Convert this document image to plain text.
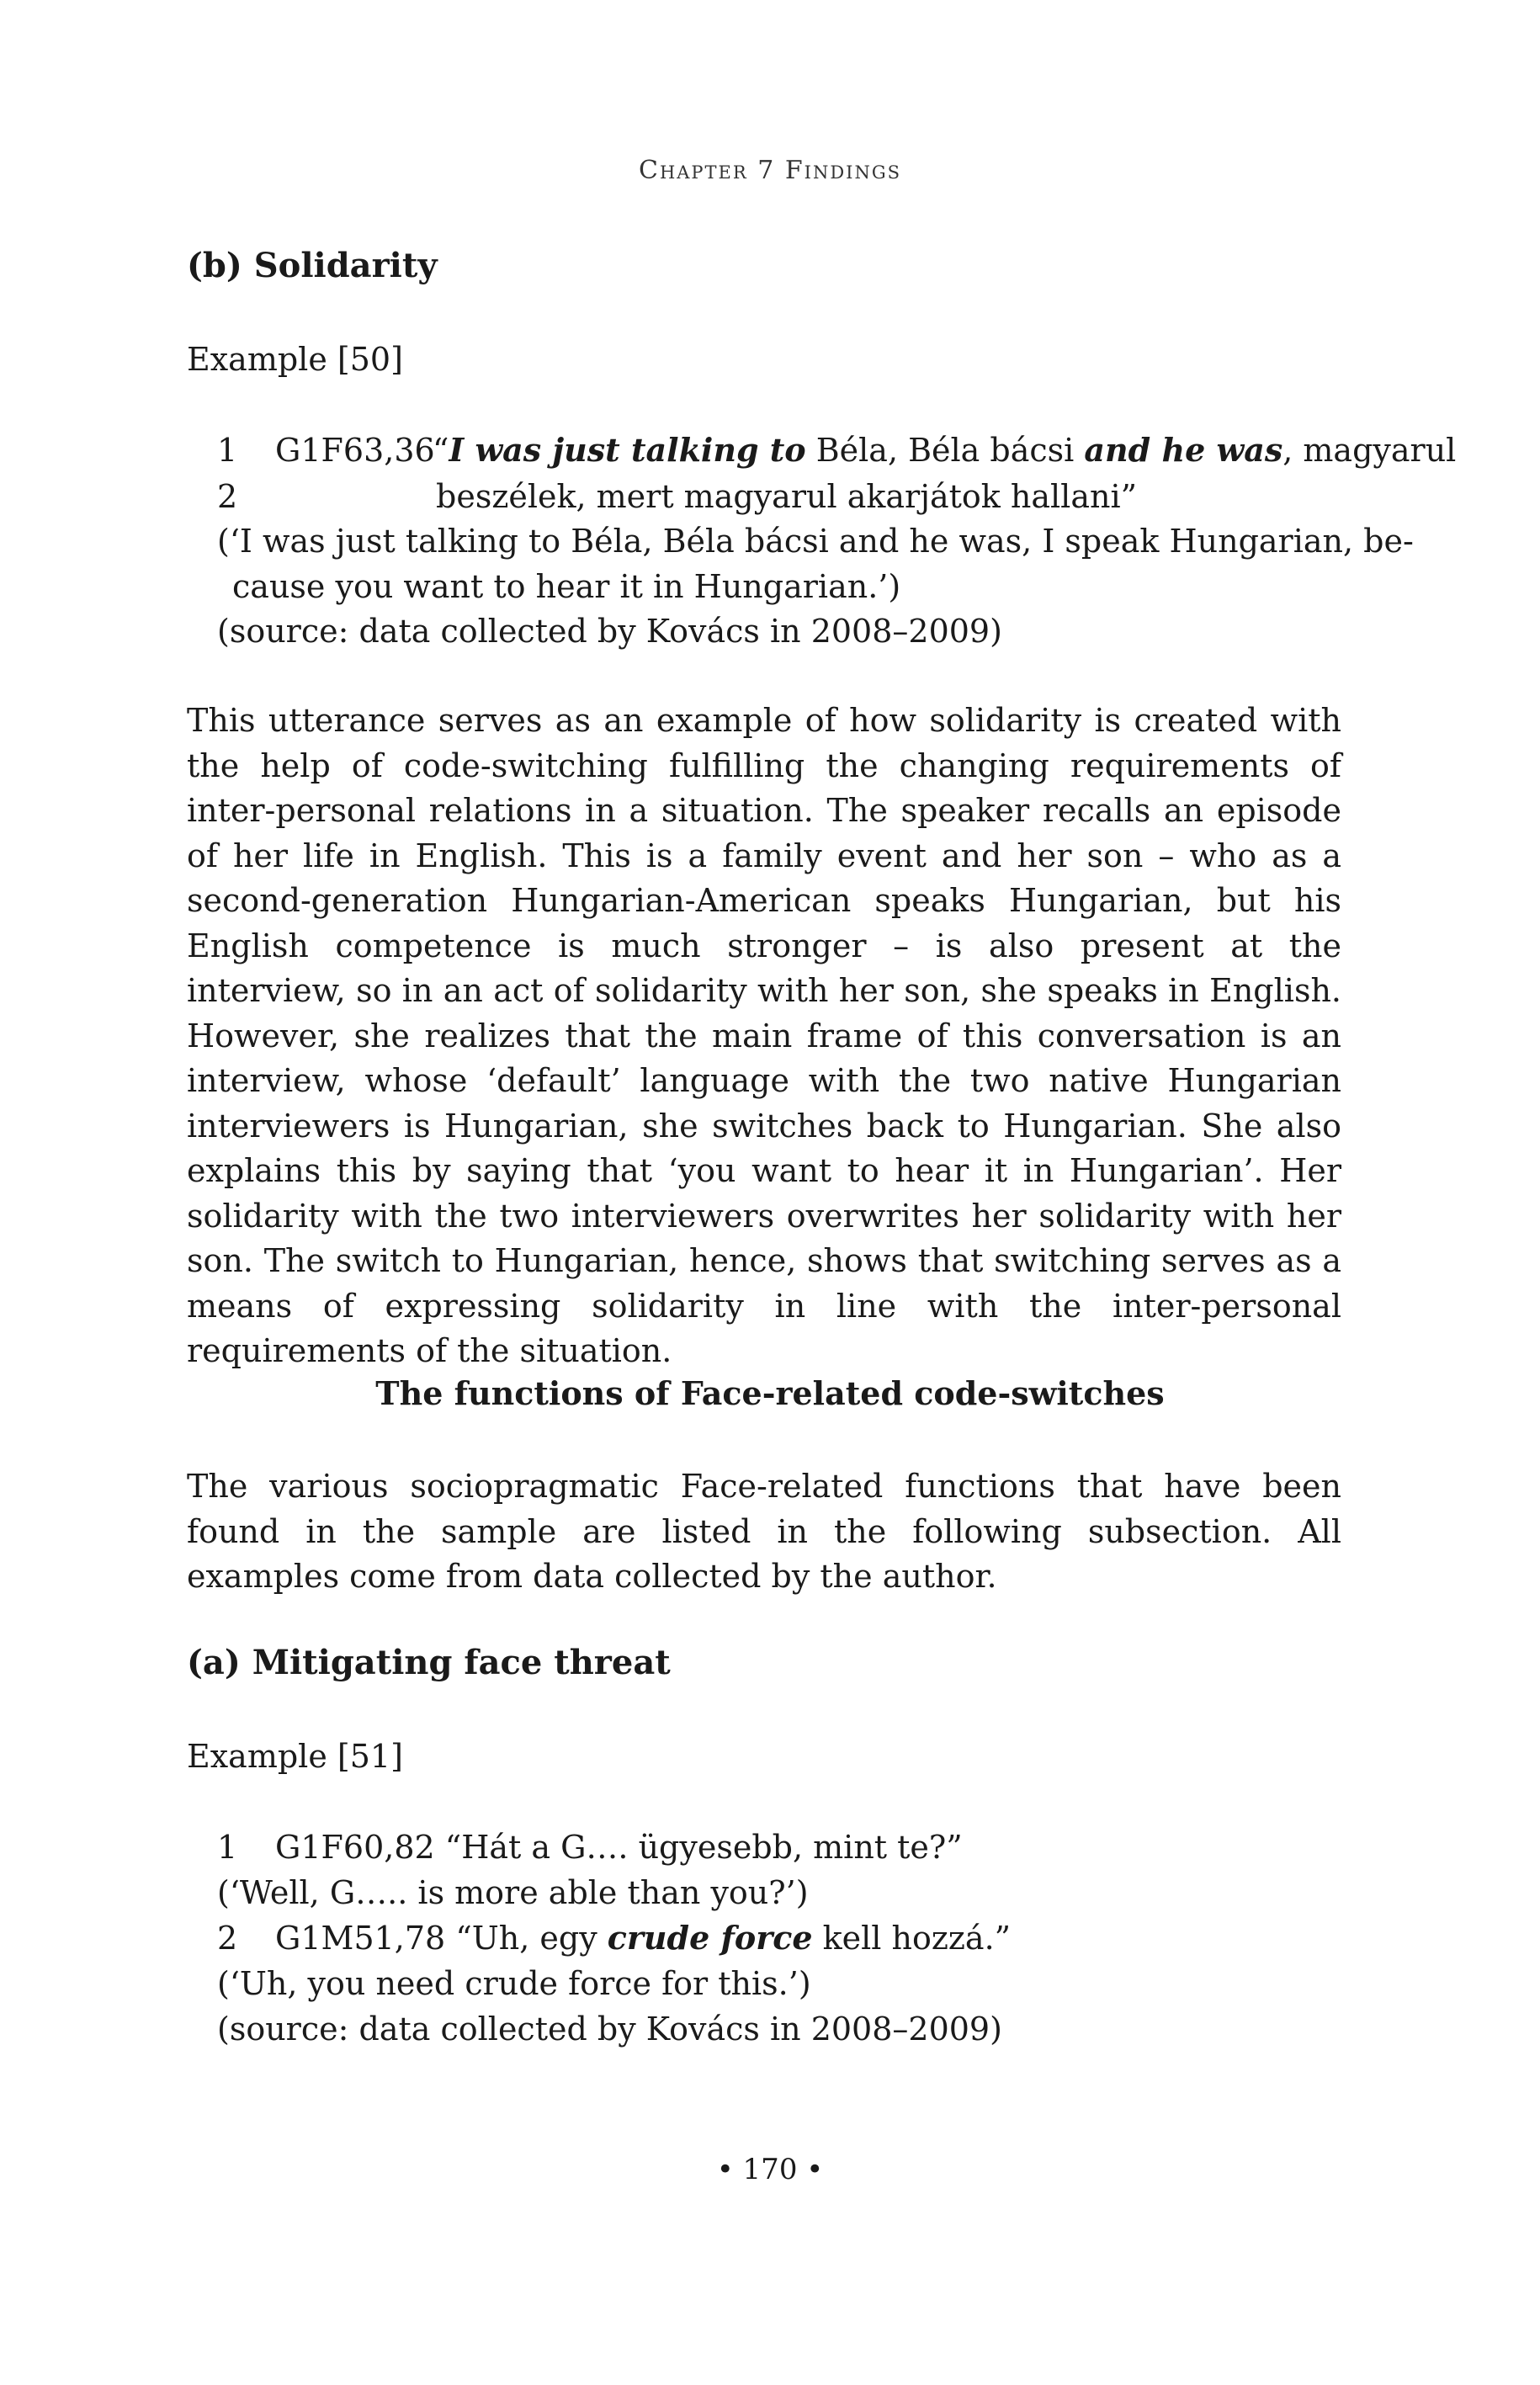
Chapter 7 Findings
(b) Solidarity
Example [50]
1 G1F63,36
“I was just talking to Béla, Béla bácsi and he was, magyarul
2	beszélek, mert magyarul akarjátok hallani”
(‘I was just talking to Béla, Béla bácsi and he was, I speak Hungarian, be-
cause you want to hear it in Hungarian.’)
(source: data collected by Kovács in 2008–2009)

This utterance serves as an example of how solidarity is created with the help of code-switching fulfilling the changing requirements of inter-personal relations in a situation. The speaker recalls an episode of her life in English. This is a family event and her son – who as a second-generation Hungarian-American speaks Hungarian, but his English competence is much stronger – is also present at the interview, so in an act of solidarity with her son, she speaks in English. However, she realizes that the main frame of this conversation is an interview, whose ‘default’ language with the two native Hungarian interviewers is Hungarian, she switches back to Hungarian. She also explains this by saying that ‘you want to hear it in Hungarian’. Her solidarity with the two interviewers overwrites her solidarity with her son. The switch to Hungarian, hence, shows that switching serves as a means of expressing solidarity in line with the inter-personal requirements of the situation.

The functions of Face-related code-switches

The various sociopragmatic Face-related functions that have been found in the sample are listed in the following subsection. All examples come from data collected by the author.

(a) Mitigating face threat
Example [51]
1 G1F60,82 “Hát a G…. ügyesebb, mint te?”
(‘Well, G….. is more able than you?’)
2 G1M51,78 “Uh, egy crude force kell hozzá.”
(‘Uh, you need crude force for this.’)
(source: data collected by Kovács in 2008–2009)
• 170 •
